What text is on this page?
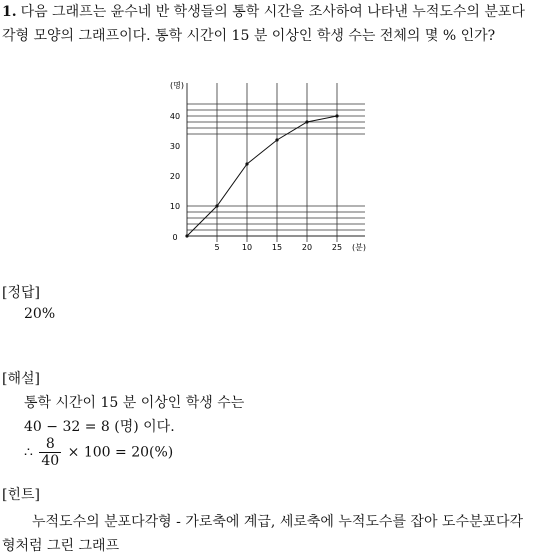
1. 다음 그래프는 윤수네 반 학생들의 통학 시간을 조사하여 나타낸 누적도수의 분포다각형 모양의 그래프이다. 통학 시간이 15 분 이상인 학생 수는 전체의 몇 % 인가?
0
5	10 15 20 25
10
20
30
40
(명)
(분)
[정답]
20%
[해설]
통학 시간이 15 분 이상인 학생 수는
40 − 32 = 8 (명) 이다.
∴ $\frac{8}{40} \times 100 = 20(\%)$
[힌트]
누적도수의 분포다각형 - 가로축에 계급, 세로축에 누적도수를 잡아 도수분포다각형처럼 그린 그래프
